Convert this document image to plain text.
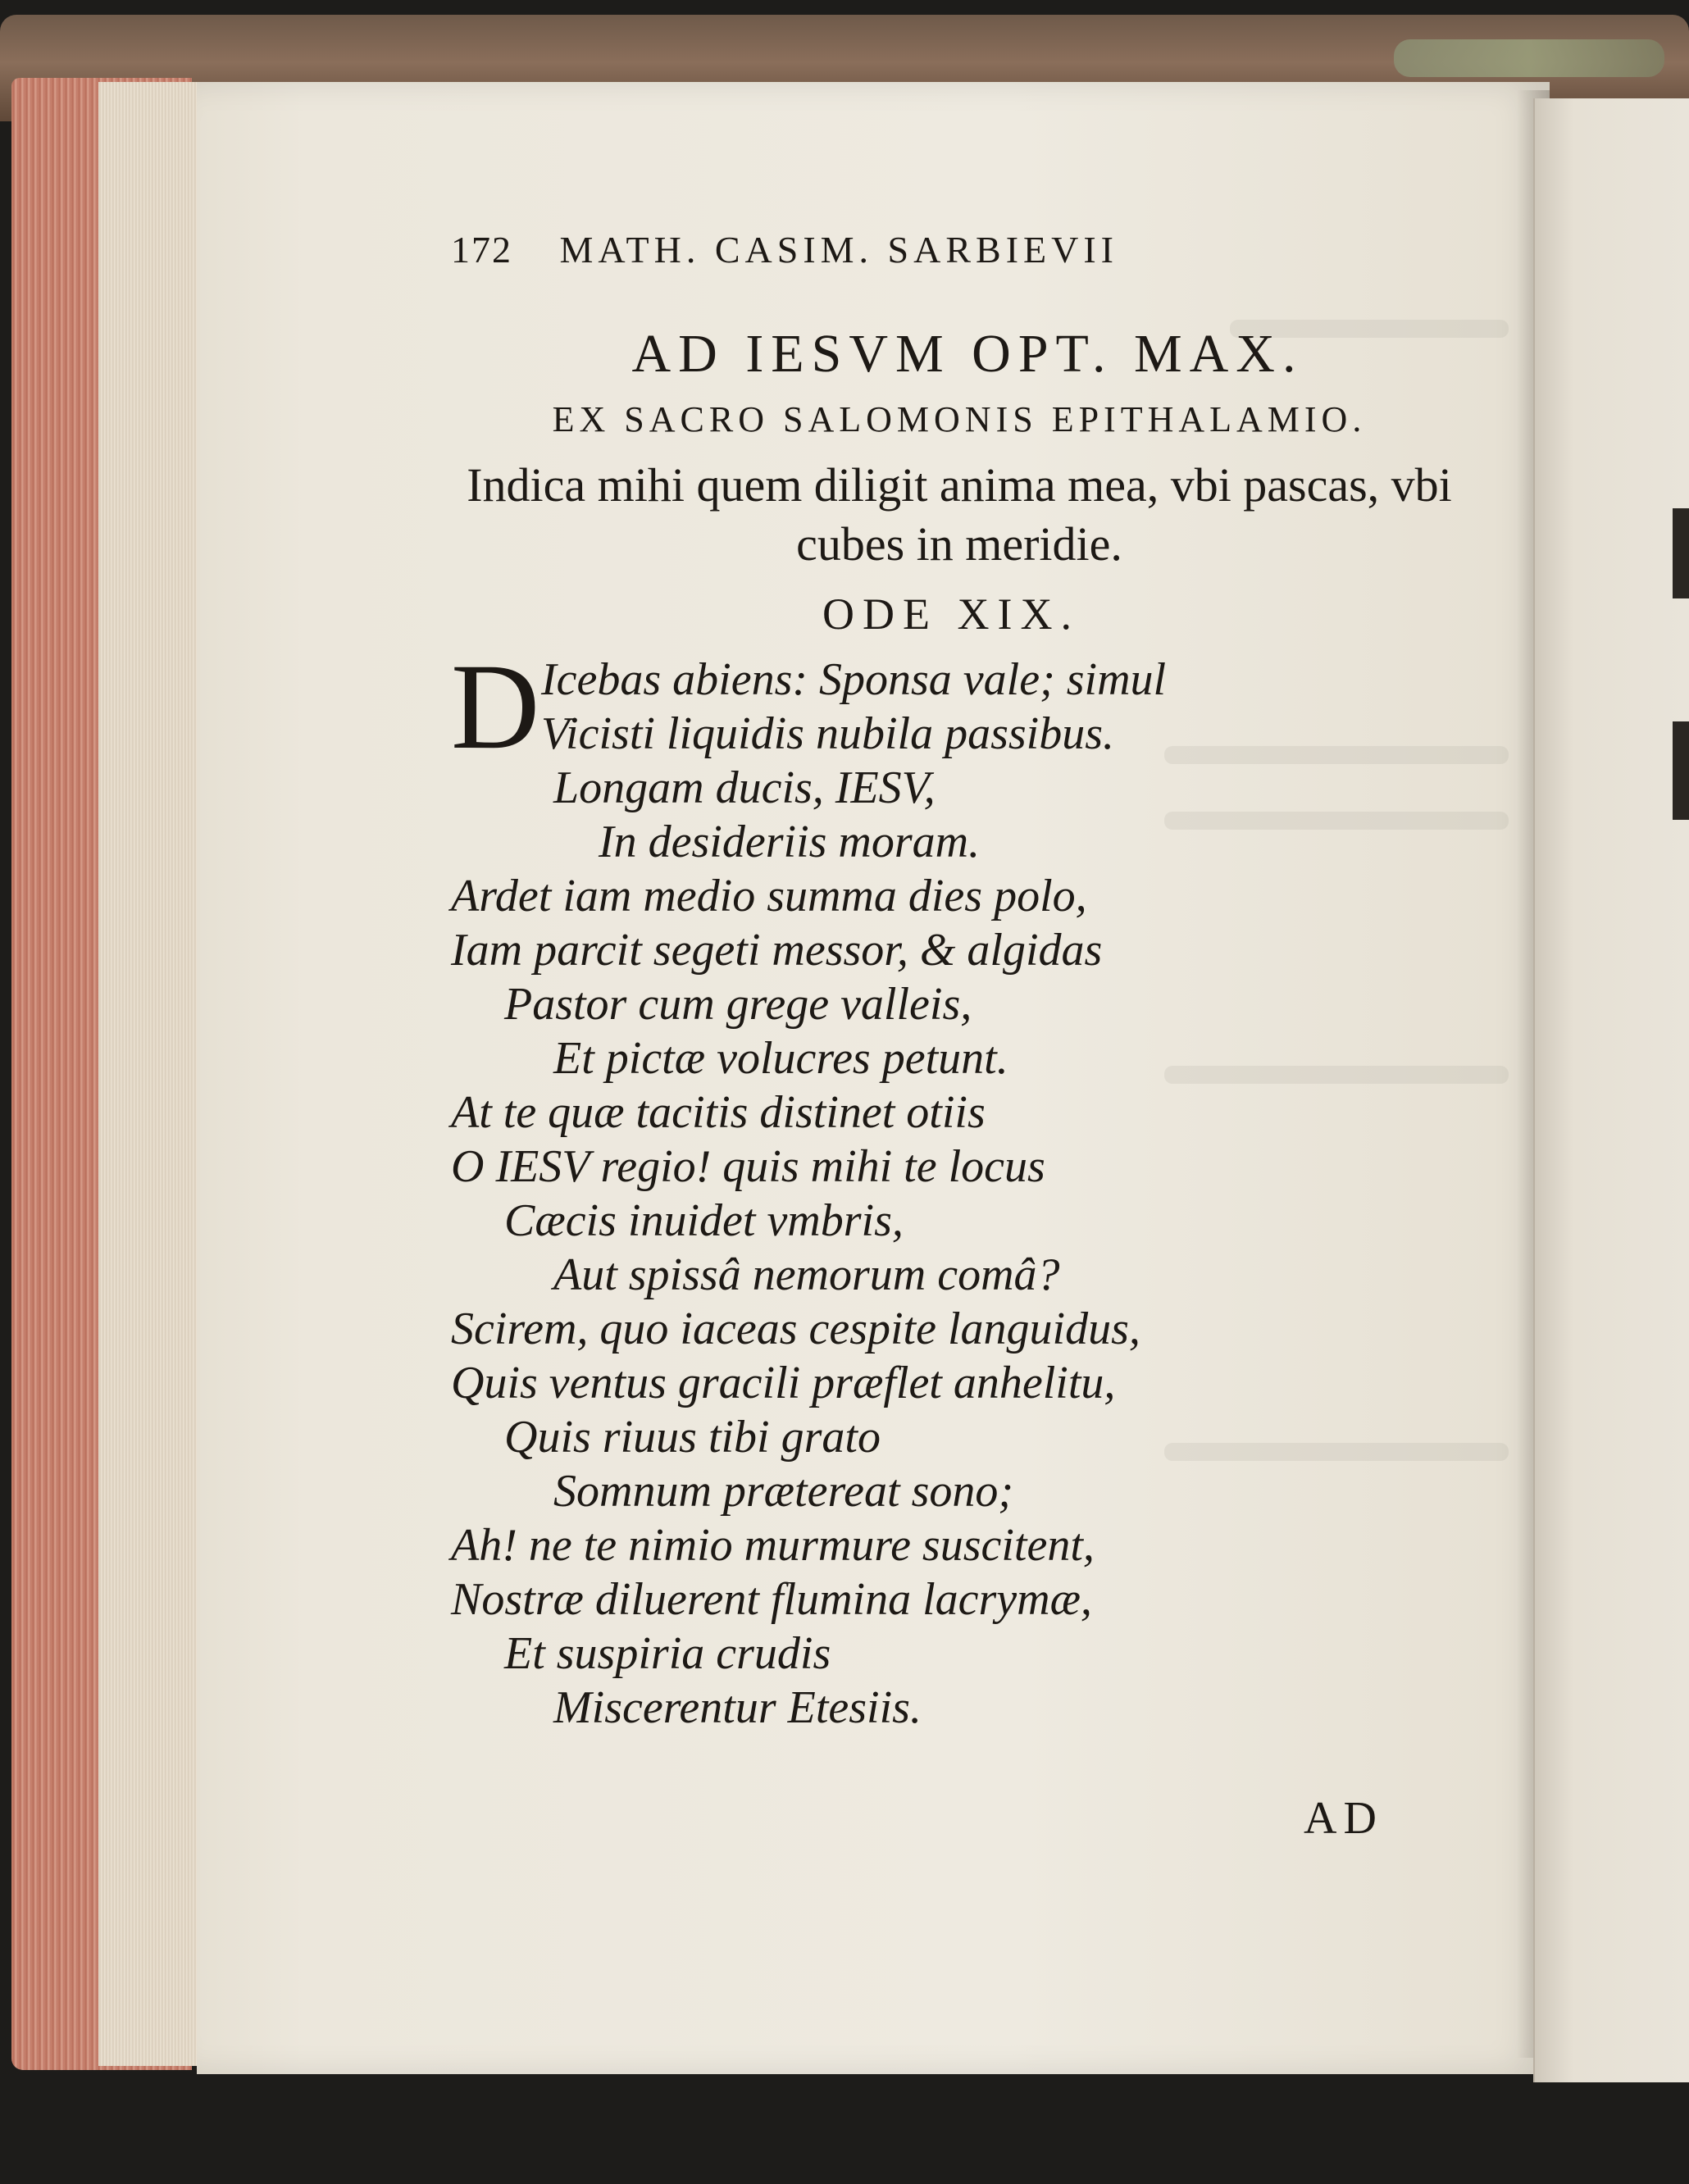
172 MATH. CASIM. SARBIEVII
AD IESVM OPT. MAX.
EX SACRO SALOMONIS EPITHALAMIO.
Indica mihi quem diligit anima mea, vbi pascas, vbi cubes in meridie.
ODE XIX.
D Icebas abiens: Sponsa vale; simul
Vicisti liquidis nubila passibus.
Longam ducis, IESV,
In desideriis moram.
Ardet iam medio summa dies polo,
Iam parcit segeti messor, & algidas
Pastor cum grege valleis,
Et pictæ volucres petunt.
At te quæ tacitis distinet otiis
O IESV regio! quis mihi te locus
Cæcis inuidet vmbris,
Aut spissâ nemorum comâ?
Scirem, quo iaceas cespite languidus,
Quis ventus gracili præflet anhelitu,
Quis riuus tibi grato
Somnum prætereat sono;
Ah! ne te nimio murmure suscitent,
Nostræ diluerent flumina lacrymæ,
Et suspiria crudis
Miscerentur Etesiis.
AD
